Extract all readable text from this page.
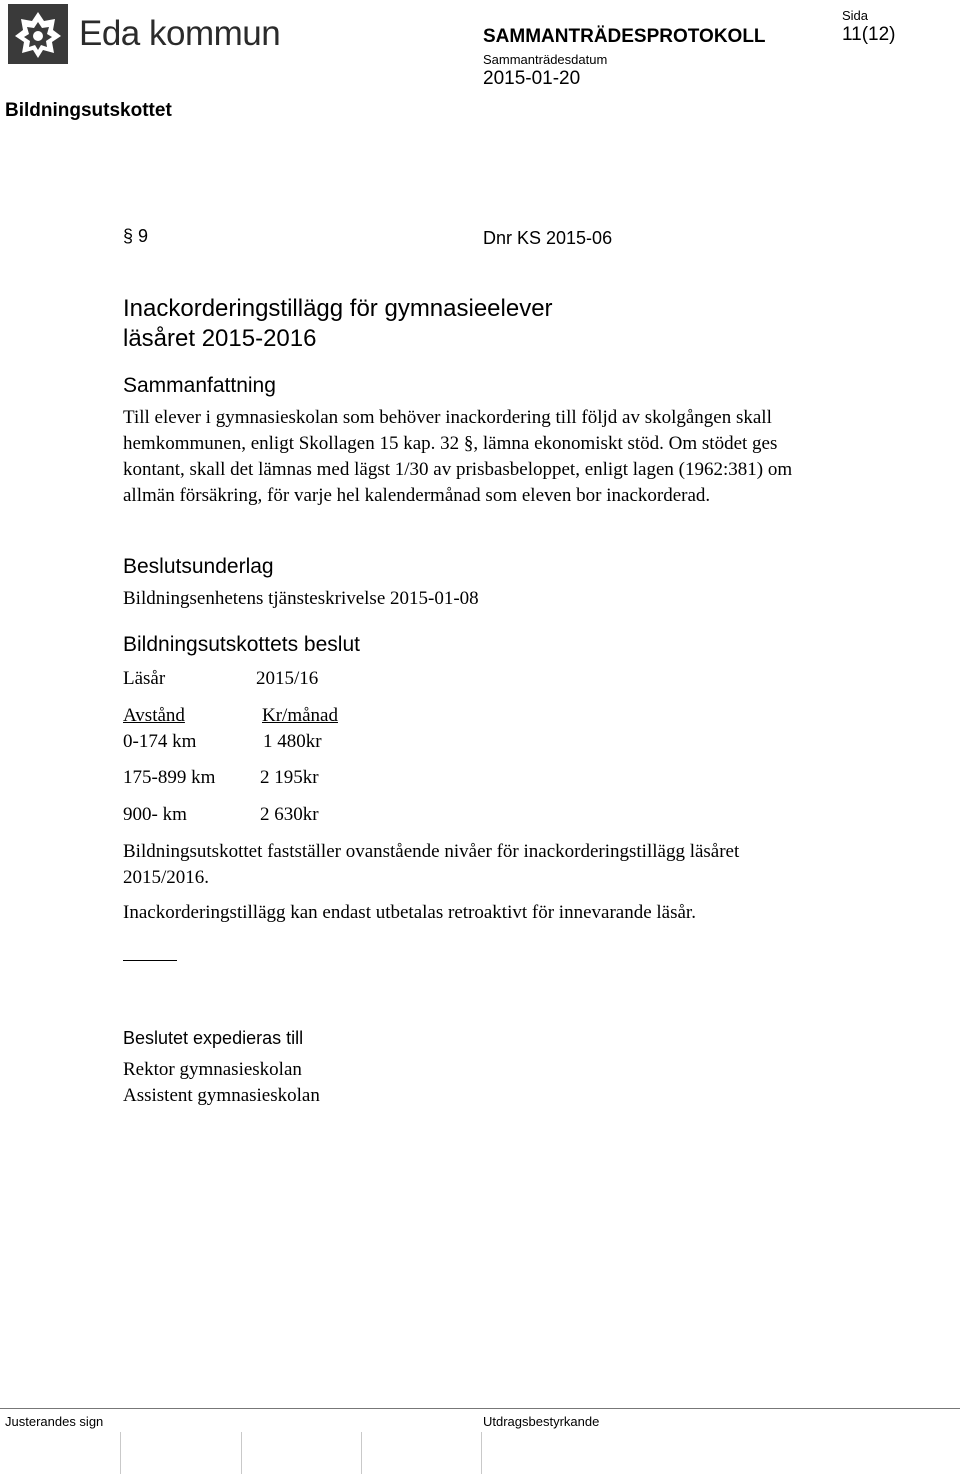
Eda kommun	SAMMANTRÄDESPROTOKOLL
Sammanträdesdatum
2015-01-20
Sida
11(12)
Bildningsutskottet
§ 9	Dnr KS 2015-06
Inackorderingstillägg för gymnasieelever
läsåret 2015-2016
Sammanfattning
Till elever i gymnasieskolan som behöver inackordering till följd av skolgången skall hemkommunen, enligt Skollagen 15 kap. 32 §, lämna ekonomiskt stöd. Om stödet ges kontant, skall det lämnas med lägst 1/30 av prisbasbeloppet, enligt lagen (1962:381) om allmän försäkring, för varje hel kalendermånad som eleven bor inackorderad.
Beslutsunderlag
Bildningsenhetens tjänsteskrivelse 2015-01-08
Bildningsutskottets beslut
Läsår	2015/16
Avstånd	Kr/månad
0-174 km	1 480kr
175-899 km 2 195kr
900- km	2 630kr
Bildningsutskottet fastställer ovanstående nivåer för inackorderingstillägg läsåret 2015/2016.
Inackorderingstillägg kan endast utbetalas retroaktivt för innevarande läsår.
Beslutet expedieras till
Rektor gymnasieskolan
Assistent gymnasieskolan
Justerandes sign	Utdragsbestyrkande
